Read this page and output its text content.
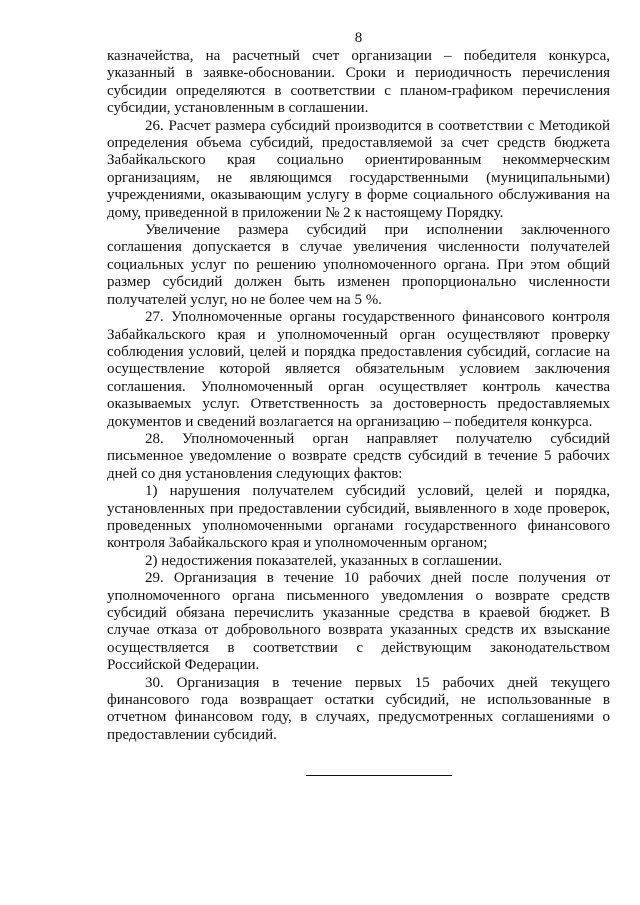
8

казначейства, на расчетный счет организации – победителя конкурса, указанный в заявке-обосновании. Сроки и периодичность перечисления субсидии определяются в соответствии с планом-графиком перечисления субсидии, установленным в соглашении.

26. Расчет размера субсидий производится в соответствии с Методикой определения объема субсидий, предоставляемой за счет средств бюджета Забайкальского края социально ориентированным некоммерческим организациям, не являющимся государственными (муниципальными) учреждениями, оказывающим услугу в форме социального обслуживания на дому, приведенной в приложении № 2 к настоящему Порядку.

Увеличение размера субсидий при исполнении заключенного соглашения допускается в случае увеличения численности получателей социальных услуг по решению уполномоченного органа. При этом общий размер субсидий должен быть изменен пропорционально численности получателей услуг, но не более чем на 5 %.

27. Уполномоченные органы государственного финансового контроля Забайкальского края и уполномоченный орган осуществляют проверку соблюдения условий, целей и порядка предоставления субсидий, согласие на осуществление которой является обязательным условием заключения соглашения. Уполномоченный орган осуществляет контроль качества оказываемых услуг. Ответственность за достоверность предоставляемых документов и сведений возлагается на организацию – победителя конкурса.

28. Уполномоченный орган направляет получателю субсидий письменное уведомление о возврате средств субсидий в течение 5 рабочих дней со дня установления следующих фактов:

1) нарушения получателем субсидий условий, целей и порядка, установленных при предоставлении субсидий, выявленного в ходе проверок, проведенных уполномоченными органами государственного финансового контроля Забайкальского края и уполномоченным органом;

2) недостижения показателей, указанных в соглашении.

29. Организация в течение 10 рабочих дней после получения от уполномоченного органа письменного уведомления о возврате средств субсидий обязана перечислить указанные средства в краевой бюджет. В случае отказа от добровольного возврата указанных средств их взыскание осуществляется в соответствии с действующим законодательством Российской Федерации.

30. Организация в течение первых 15 рабочих дней текущего финансового года возвращает остатки субсидий, не использованные в отчетном финансовом году, в случаях, предусмотренных соглашениями о предоставлении субсидий.
